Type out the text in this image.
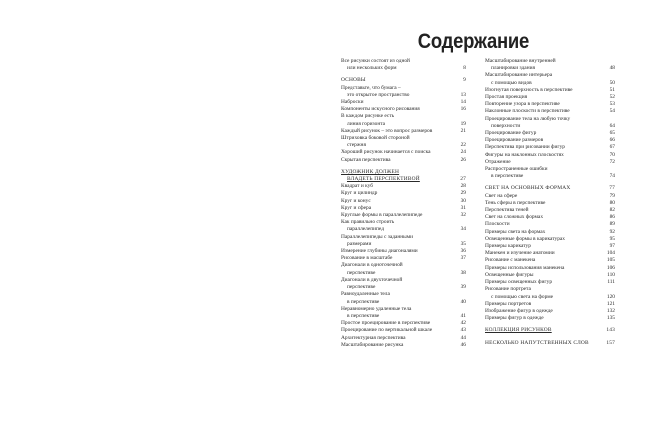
Содержание
Все рисунки состоят из одной
или нескольких форм	8
ОСНОВЫ	9
Представьте, что бумага –
это открытое пространство	13
Наброски	14
Компоненты искусного рисования	16
В каждом рисунке есть
линия горизонта	19
Каждый рисунок – это вопрос размеров	21
Штриховка боковой стороной
стержня	22
Хороший рисунок начинается с поиска	24
Скрытая перспектива	26
ХУДОЖНИК ДОЛЖЕН
ВЛАДЕТЬ ПЕРСПЕКТИВОЙ	27
Квадрат и куб	28
Круг и цилиндр	29
Круг и конус	30
Круг и сфера	31
Круглые формы в параллелепипеде	32
Как правильно строить
параллелепипед	34
Параллелепипеды с заданными
размерами	35
Измерение глубины диагоналями	36
Рисование в масштабе	37
Диагонали в одноточечной
перспективе	38
Диагонали в двухточечной
перспективе	39
Равноудаленные тела
в перспективе	40
Неравномерно удаленные тела
в перспективе	41
Простое проецирование в перспективе	42
Проецирование по вертикальной шкале	43
Архитектурная перспектива	44
Масштабирование рисунка	46
Масштабирование внутренней
планировки здания	48
Масштабирование интерьера
с помощью видов	50
Изогнутая поверхность в перспективе	51
Простая проекция	52
Повторение узора в перспективе	53
Наклонные плоскости в перспективе	54
Проецирование тела на любую точку
поверхности	64
Проецирование фигур	65
Проецирование размеров	66
Перспектива при рисовании фигур	67
Фигуры на наклонных плоскостях	70
Отражение	72
Распространенные ошибки
в перспективе	74
СВЕТ НА ОСНОВНЫХ ФОРМАХ	77
Свет на сфере	79
Тень сферы в перспективе	80
Перспектива теней	82
Свет на сложных формах	86
Плоскости	89
Примеры света на формах	92
Освещенные формы в карикатурах	95
Примеры карикатур	97
Манекен и изучение анатомии	104
Рисование с манекена	105
Примеры использования манекена	106
Освещенные фигуры	110
Примеры освещенных фигур	111
Рисование портрета
с помощью света на форме	120
Примеры портретов	121
Изображение фигур в одежде	132
Примеры фигур в одежде	135
КОЛЛЕКЦИЯ РИСУНКОВ	143
НЕСКОЛЬКО НАПУТСТВЕННЫХ СЛОВ	157
